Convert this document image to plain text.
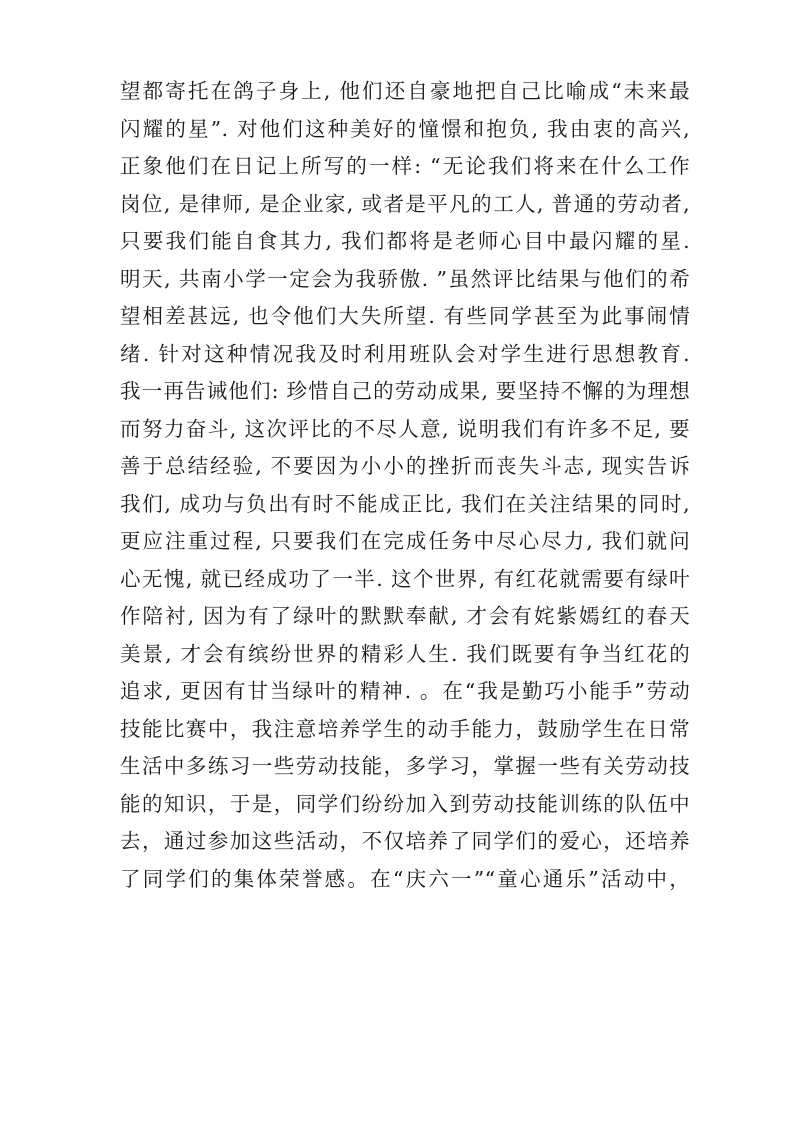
望都寄托在鸽子身上, 他们还自豪地把自己比喻成“未来最
闪耀的星”. 对他们这种美好的憧憬和抱负, 我由衷的高兴,
正象他们在日记上所写的一样: “无论我们将来在什么工作
岗位, 是律师, 是企业家, 或者是平凡的工人, 普通的劳动者,
只要我们能自食其力, 我们都将是老师心目中最闪耀的星.
明天, 共南小学一定会为我骄傲. ”虽然评比结果与他们的希
望相差甚远, 也令他们大失所望. 有些同学甚至为此事闹情
绪. 针对这种情况我及时利用班队会对学生进行思想教育.
我一再告诫他们: 珍惜自己的劳动成果, 要坚持不懈的为理想
而努力奋斗, 这次评比的不尽人意, 说明我们有许多不足, 要
善于总结经验, 不要因为小小的挫折而丧失斗志, 现实告诉
我们, 成功与负出有时不能成正比, 我们在关注结果的同时,
更应注重过程, 只要我们在完成任务中尽心尽力, 我们就问
心无愧, 就已经成功了一半. 这个世界, 有红花就需要有绿叶
作陪衬, 因为有了绿叶的默默奉献, 才会有姹紫嫣红的春天
美景, 才会有缤纷世界的精彩人生. 我们既要有争当红花的
追求, 更因有甘当绿叶的精神. 。在“我是勤巧小能手”劳动
技能比赛中，我注意培养学生的动手能力，鼓励学生在日常
生活中多练习一些劳动技能，多学习，掌握一些有关劳动技
能的知识，于是，同学们纷纷加入到劳动技能训练的队伍中
去，通过参加这些活动，不仅培养了同学们的爱心，还培养
了同学们的集体荣誉感。在“庆六一”“童心通乐”活动中，
